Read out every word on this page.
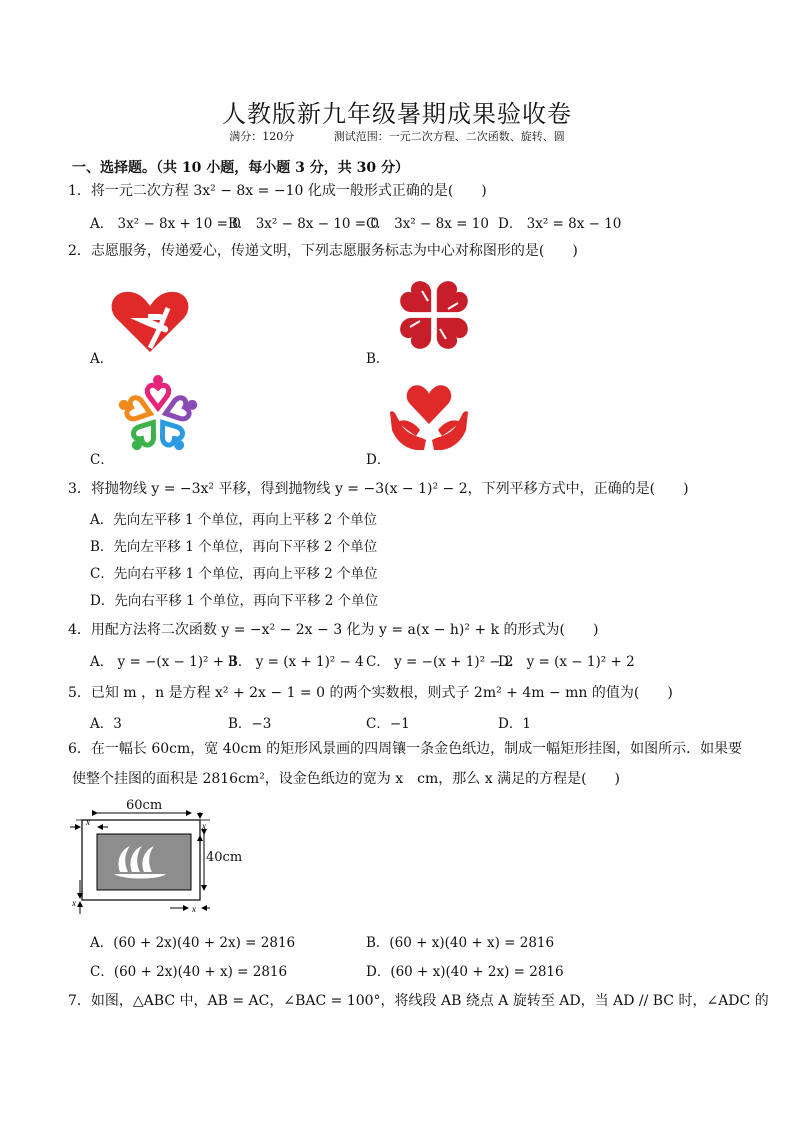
人教版新九年级暑期成果验收卷
满分：120分	测试范围：一元二次方程、二次函数、旋转、圆
一、选择题。（共 10 小题，每小题 3 分，共 30 分）
1．将一元二次方程 3x² − 8x = −10 化成一般形式正确的是(　　)
A． 3x² − 8x + 10 = 0
B． 3x² − 8x − 10 = 0
C． 3x² − 8x = 10 D． 3x² = 8x − 10
2．志愿服务，传递爱心，传递文明，下列志愿服务标志为中心对称图形的是(　　)
A．	B．
C．	D．
3．将抛物线 y = −3x² 平移，得到抛物线 y = −3(x − 1)² − 2，下列平移方式中，正确的是(　　)
A．先向左平移 1 个单位，再向上平移 2 个单位
B．先向左平移 1 个单位，再向下平移 2 个单位
C．先向右平移 1 个单位，再向上平移 2 个单位
D．先向右平移 1 个单位，再向下平移 2 个单位
4．用配方法将二次函数 y = −x² − 2x − 3 化为 y = a(x − h)² + k 的形式为(　　)
A． y = −(x − 1)² + 3
B． y = (x + 1)² − 4 C． y = −(x + 1)² − 2
D． y = (x − 1)² + 2
5．已知 m ，n 是方程 x² + 2x − 1 = 0 的两个实数根，则式子 2m² + 4m − mn 的值为(　　)
A．3	B．−3	C．−1	D．1
6．在一幅长 60cm，宽 40cm 的矩形风景画的四周镶一条金色纸边，制成一幅矩形挂图，如图所示．如果要
使整个挂图的面积是 2816cm²，设金色纸边的宽为 x　cm，那么 x 满足的方程是(　　)
x	x
x
x
60cm
40cm
A．(60 + 2x)(40 + 2x) = 2816	B．(60 + x)(40 + x) = 2816
C．(60 + 2x)(40 + x) = 2816	D．(60 + x)(40 + 2x) = 2816
7．如图，△ABC 中，AB = AC，∠BAC = 100°，将线段 AB 绕点 A 旋转至 AD，当 AD // BC 时，∠ADC 的
